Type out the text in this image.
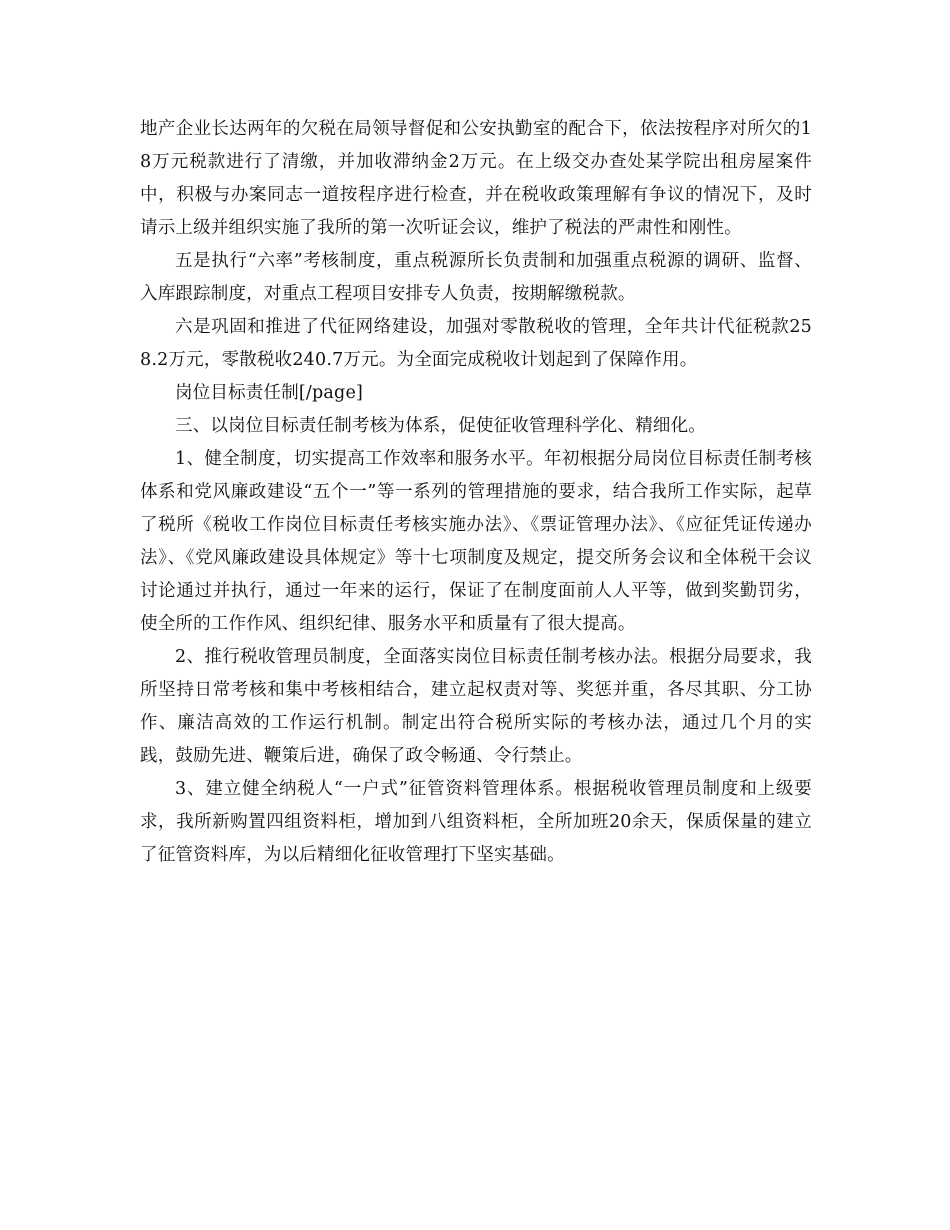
地产企业长达两年的欠税在局领导督促和公安执勤室的配合下，依法按程序对所欠的18万元税款进行了清缴，并加收滞纳金2万元。在上级交办查处某学院出租房屋案件中，积极与办案同志一道按程序进行检查，并在税收政策理解有争议的情况下，及时请示上级并组织实施了我所的第一次听证会议，维护了税法的严肃性和刚性。

五是执行“六率”考核制度，重点税源所长负责制和加强重点税源的调研、监督、入库跟踪制度，对重点工程项目安排专人负责，按期解缴税款。

六是巩固和推进了代征网络建设，加强对零散税收的管理，全年共计代征税款258.2万元，零散税收240.7万元。为全面完成税收计划起到了保障作用。

岗位目标责任制[/page]

三、以岗位目标责任制考核为体系，促使征收管理科学化、精细化。

1、健全制度，切实提高工作效率和服务水平。年初根据分局岗位目标责任制考核体系和党风廉政建设“五个一”等一系列的管理措施的要求，结合我所工作实际，起草了税所《税收工作岗位目标责任考核实施办法》、《票证管理办法》、《应征凭证传递办法》、《党风廉政建设具体规定》等十七项制度及规定，提交所务会议和全体税干会议讨论通过并执行，通过一年来的运行，保证了在制度面前人人平等，做到奖勤罚劣，使全所的工作作风、组织纪律、服务水平和质量有了很大提高。

2、推行税收管理员制度，全面落实岗位目标责任制考核办法。根据分局要求，我所坚持日常考核和集中考核相结合，建立起权责对等、奖惩并重，各尽其职、分工协作、廉洁高效的工作运行机制。制定出符合税所实际的考核办法，通过几个月的实践，鼓励先进、鞭策后进，确保了政令畅通、令行禁止。

3、建立健全纳税人“一户式”征管资料管理体系。根据税收管理员制度和上级要求，我所新购置四组资料柜，增加到八组资料柜，全所加班20余天，保质保量的建立了征管资料库，为以后精细化征收管理打下坚实基础。
